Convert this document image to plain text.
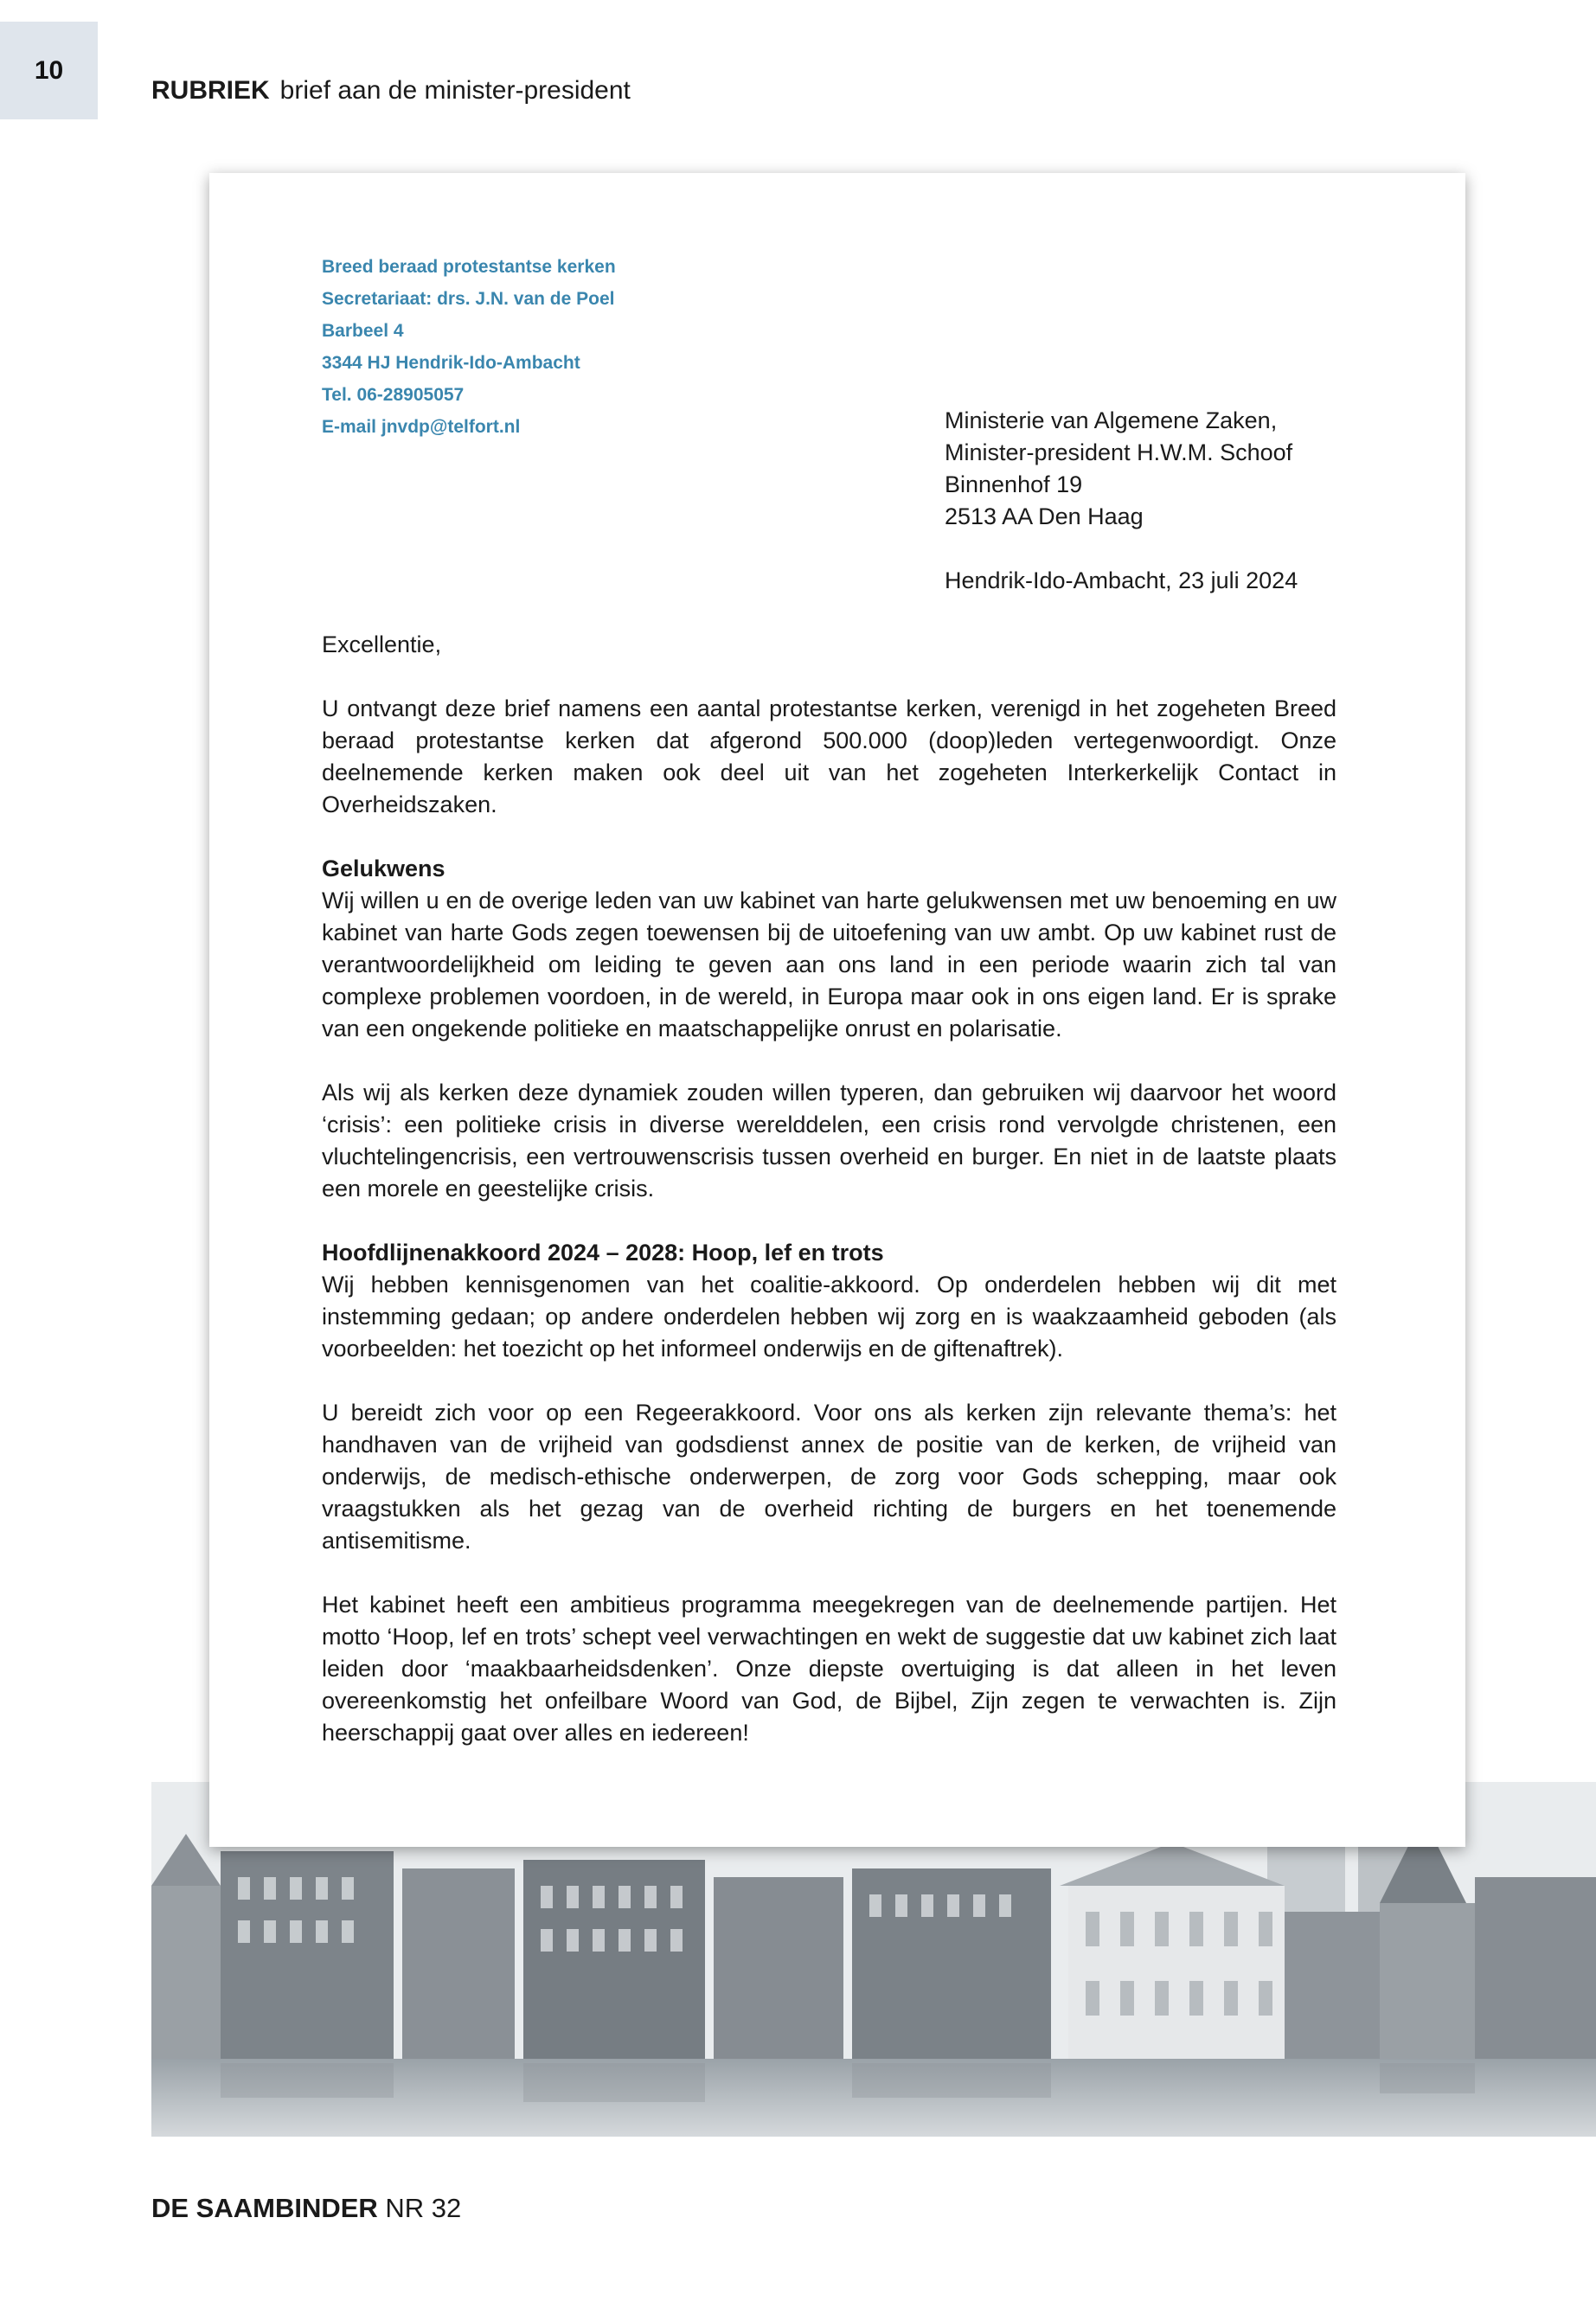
10
RUBRIEK brief aan de minister-president
Breed beraad protestantse kerken
Secretariaat: drs. J.N. van de Poel
Barbeel 4
3344 HJ Hendrik-Ido-Ambacht
Tel. 06-28905057
E-mail jnvdp@telfort.nl	Ministerie van Algemene Zaken,
Minister-president H.W.M. Schoof
Binnenhof 19
2513 AA Den Haag
Hendrik-Ido-Ambacht, 23 juli 2024

Excellentie,

U ontvangt deze brief namens een aantal protestantse kerken, verenigd in het zogeheten Breed beraad protestantse kerken dat afgerond 500.000 (doop)leden vertegenwoordigt. Onze deelnemende kerken maken ook deel uit van het zogeheten Interkerkelijk Contact in Overheidszaken.

Gelukwens

Wij willen u en de overige leden van uw kabinet van harte gelukwensen met uw benoeming en uw kabinet van harte Gods zegen toewensen bij de uitoefening van uw ambt. Op uw kabinet rust de verantwoordelijkheid om leiding te geven aan ons land in een periode waarin zich tal van complexe problemen voordoen, in de wereld, in Europa maar ook in ons eigen land. Er is sprake van een ongekende politieke en maatschappelijke onrust en polarisatie.

Als wij als kerken deze dynamiek zouden willen typeren, dan gebruiken wij daarvoor het woord ‘crisis’: een politieke crisis in diverse werelddelen, een crisis rond vervolgde christenen, een vluchtelingencrisis, een vertrouwenscrisis tussen overheid en burger. En niet in de laatste plaats een morele en geestelijke crisis.

Hoofdlijnenakkoord 2024 – 2028: Hoop, lef en trots

Wij hebben kennisgenomen van het coalitie-akkoord. Op onderdelen hebben wij dit met instemming gedaan; op andere onderdelen hebben wij zorg en is waakzaamheid geboden (als voorbeelden: het toezicht op het informeel onderwijs en de giftenaftrek).

U bereidt zich voor op een Regeerakkoord. Voor ons als kerken zijn relevante thema’s: het handhaven van de vrijheid van godsdienst annex de positie van de kerken, de vrijheid van onderwijs, de medisch-ethische onderwerpen, de zorg voor Gods schepping, maar ook vraagstukken als het gezag van de overheid richting de burgers en het toenemende antisemitisme.

Het kabinet heeft een ambitieus programma meegekregen van de deelnemende partijen. Het motto ‘Hoop, lef en trots’ schept veel verwachtingen en wekt de suggestie dat uw kabinet zich laat leiden door ‘maakbaarheidsdenken’. Onze diepste overtuiging is dat alleen in het leven overeenkomstig het onfeilbare Woord van God, de Bijbel, Zijn zegen te verwachten is. Zijn heerschappij gaat over alles en iedereen!

DE SAAMBINDER NR 32
